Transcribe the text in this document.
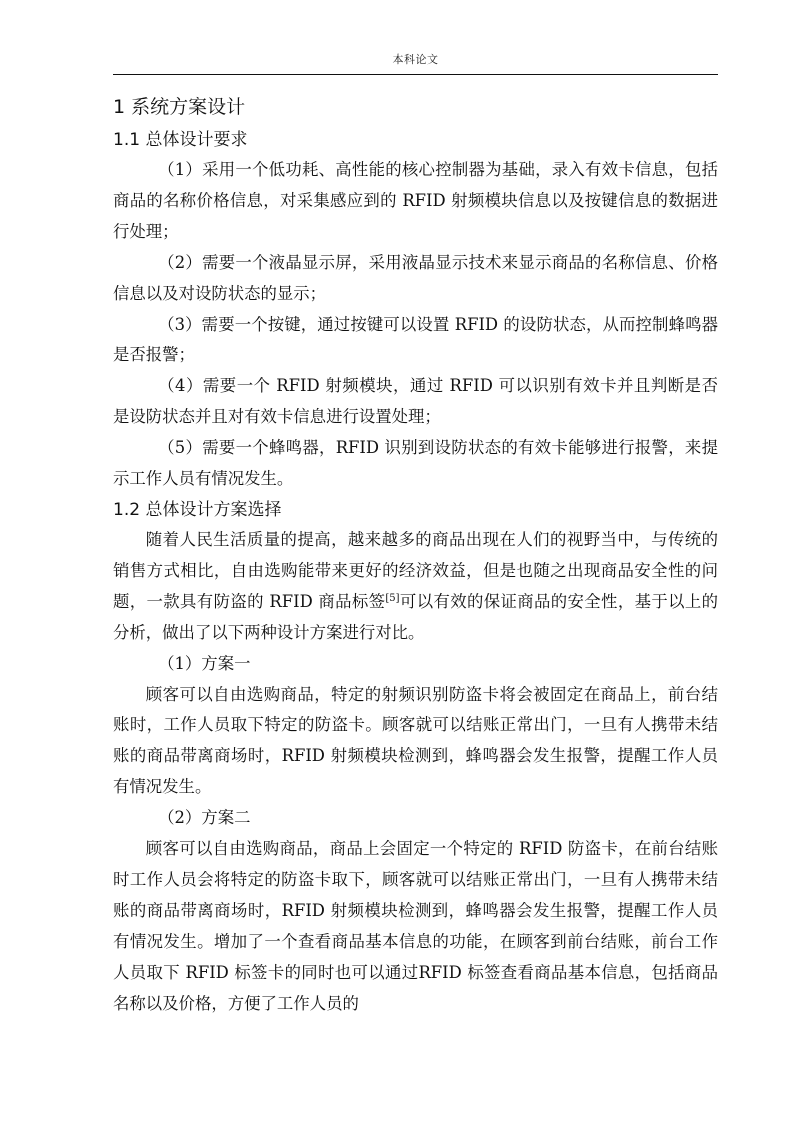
本科论文
1 系统方案设计
1.1 总体设计要求

（1）采用一个低功耗、高性能的核心控制器为基础，录入有效卡信息，包括商品的名称价格信息，对采集感应到的 RFID 射频模块信息以及按键信息的数据进行处理；

（2）需要一个液晶显示屏，采用液晶显示技术来显示商品的名称信息、价格信息以及对设防状态的显示；

（3）需要一个按键，通过按键可以设置 RFID 的设防状态，从而控制蜂鸣器是否报警；

（4）需要一个 RFID 射频模块，通过 RFID 可以识别有效卡并且判断是否是设防状态并且对有效卡信息进行设置处理；

（5）需要一个蜂鸣器，RFID 识别到设防状态的有效卡能够进行报警，来提示工作人员有情况发生。

1.2 总体设计方案选择

随着人民生活质量的提高，越来越多的商品出现在人们的视野当中，与传统的销售方式相比，自由选购能带来更好的经济效益，但是也随之出现商品安全性的问题，一款具有防盗的 RFID 商品标签[5]可以有效的保证商品的安全性，基于以上的分析，做出了以下两种设计方案进行对比。

（1）方案一

顾客可以自由选购商品，特定的射频识别防盗卡将会被固定在商品上，前台结账时，工作人员取下特定的防盗卡。顾客就可以结账正常出门，一旦有人携带未结账的商品带离商场时，RFID 射频模块检测到，蜂鸣器会发生报警，提醒工作人员有情况发生。

（2）方案二

顾客可以自由选购商品，商品上会固定一个特定的 RFID 防盗卡，在前台结账时工作人员会将特定的防盗卡取下，顾客就可以结账正常出门，一旦有人携带未结账的商品带离商场时，RFID 射频模块检测到，蜂鸣器会发生报警，提醒工作人员有情况发生。增加了一个查看商品基本信息的功能，在顾客到前台结账，前台工作人员取下 RFID 标签卡的同时也可以通过RFID 标签查看商品基本信息，包括商品名称以及价格，方便了工作人员的
